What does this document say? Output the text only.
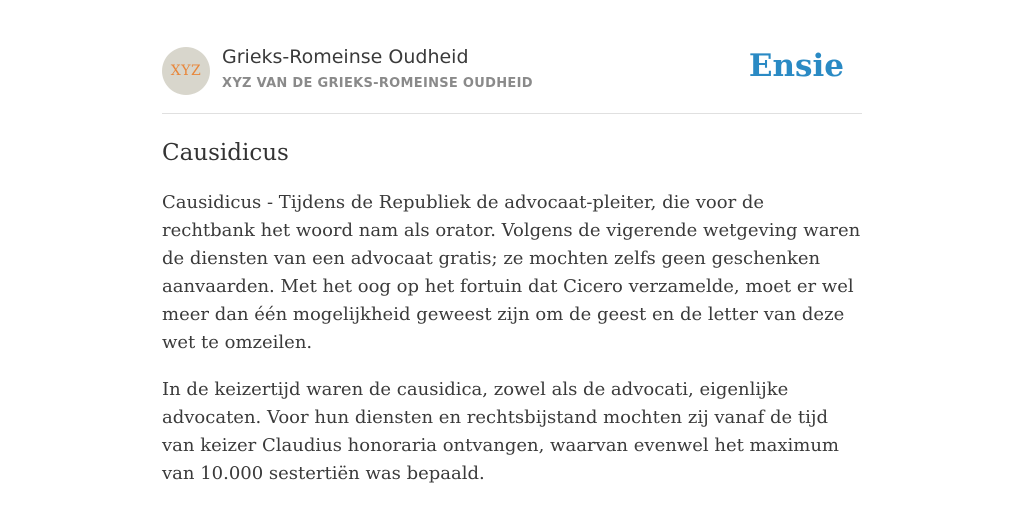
XYZ
Grieks-Romeinse Oudheid
XYZ VAN DE GRIEKS-ROMEINSE OUDHEID	Ensie
Causidicus

Causidicus - Tijdens de Republiek de advocaat-pleiter, die voor de rechtbank het woord nam als orator. Volgens de vigerende wetgeving waren de diensten van een advocaat gratis; ze mochten zelfs geen geschenken aanvaarden. Met het oog op het fortuin dat Cicero verzamelde, moet er wel meer dan één mogelijkheid geweest zijn om de geest en de letter van deze wet te omzeilen.

In de keizertijd waren de causidica, zowel als de advocati, eigenlijke advocaten. Voor hun diensten en rechtsbijstand mochten zij vanaf de tijd van keizer Claudius honoraria ontvangen, waarvan evenwel het maximum van 10.000 sestertiën was bepaald.
